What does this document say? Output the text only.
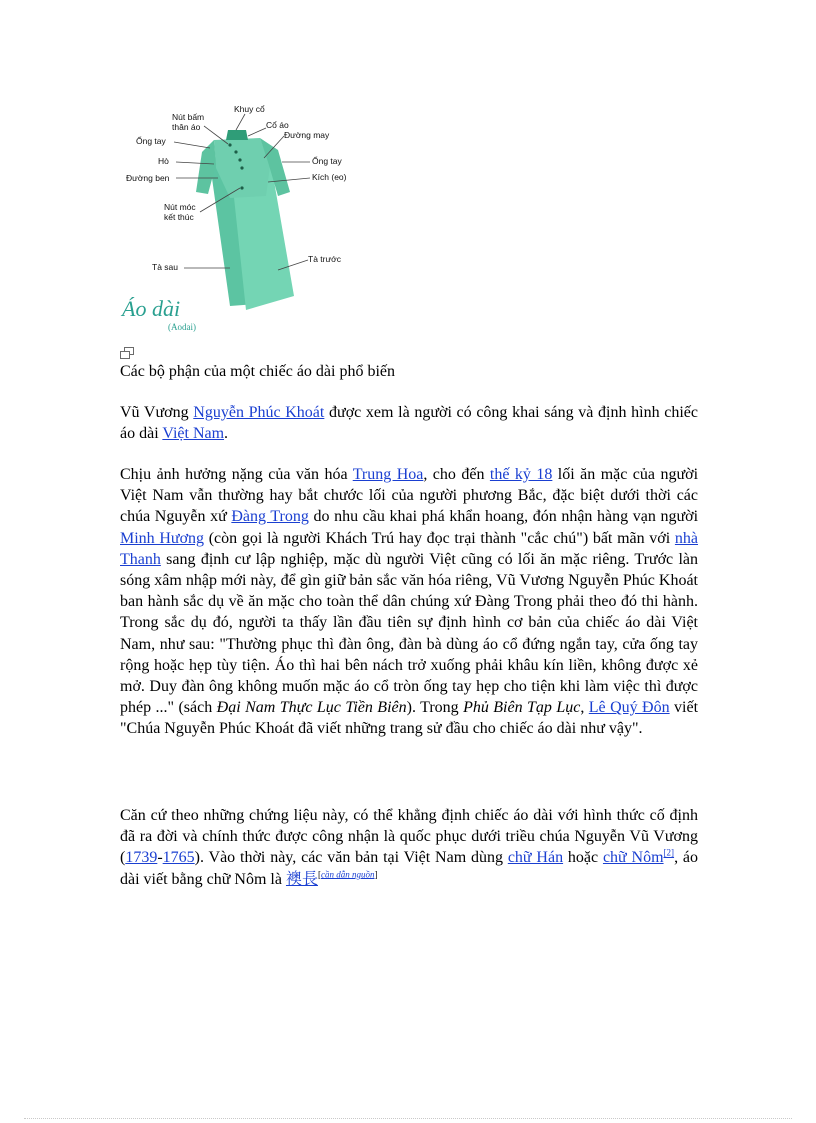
Khuy cổ
Nút bấm
thân áo	Cổ áo
Ống tay
Đường may
Hò	Ống tay
Đường ben	Kích (eo)
Nút móc
kết thúc
Tà trước
Tà sau
Áo dài
(Aodai)
Các bộ phận của một chiếc áo dài phổ biến

Vũ Vương Nguyễn Phúc Khoát được xem là người có công khai sáng và định hình chiếc áo dài Việt Nam.

Chịu ảnh hưởng nặng của văn hóa Trung Hoa, cho đến thế kỷ 18 lối ăn mặc của người Việt Nam vẫn thường hay bắt chước lối của người phương Bắc, đặc biệt dưới thời các chúa Nguyễn xứ Đàng Trong do nhu cầu khai phá khẩn hoang, đón nhận hàng vạn người Minh Hương (còn gọi là người Khách Trú hay đọc trại thành "cắc chú") bất mãn với nhà Thanh sang định cư lập nghiệp, mặc dù người Việt cũng có lối ăn mặc riêng. Trước làn sóng xâm nhập mới này, để gìn giữ bản sắc văn hóa riêng, Vũ Vương Nguyễn Phúc Khoát ban hành sắc dụ về ăn mặc cho toàn thể dân chúng xứ Đàng Trong phải theo đó thi hành. Trong sắc dụ đó, người ta thấy lần đầu tiên sự định hình cơ bản của chiếc áo dài Việt Nam, như sau: "Thường phục thì đàn ông, đàn bà dùng áo cổ đứng ngắn tay, cửa ống tay rộng hoặc hẹp tùy tiện. Áo thì hai bên nách trở xuống phải khâu kín liền, không được xẻ mở. Duy đàn ông không muốn mặc áo cổ tròn ống tay hẹp cho tiện khi làm việc thì được phép ..." (sách Đại Nam Thực Lục Tiền Biên). Trong Phủ Biên Tạp Lục, Lê Quý Đôn viết "Chúa Nguyễn Phúc Khoát đã viết những trang sử đầu cho chiếc áo dài như vậy".

Căn cứ theo những chứng liệu này, có thể khẳng định chiếc áo dài với hình thức cố định đã ra đời và chính thức được công nhận là quốc phục dưới triều chúa Nguyễn Vũ Vương (1739-1765). Vào thời này, các văn bản tại Việt Nam dùng chữ Hán hoặc chữ Nôm[2], áo dài viết bằng chữ Nôm là 襖長[cần dẫn nguồn]
